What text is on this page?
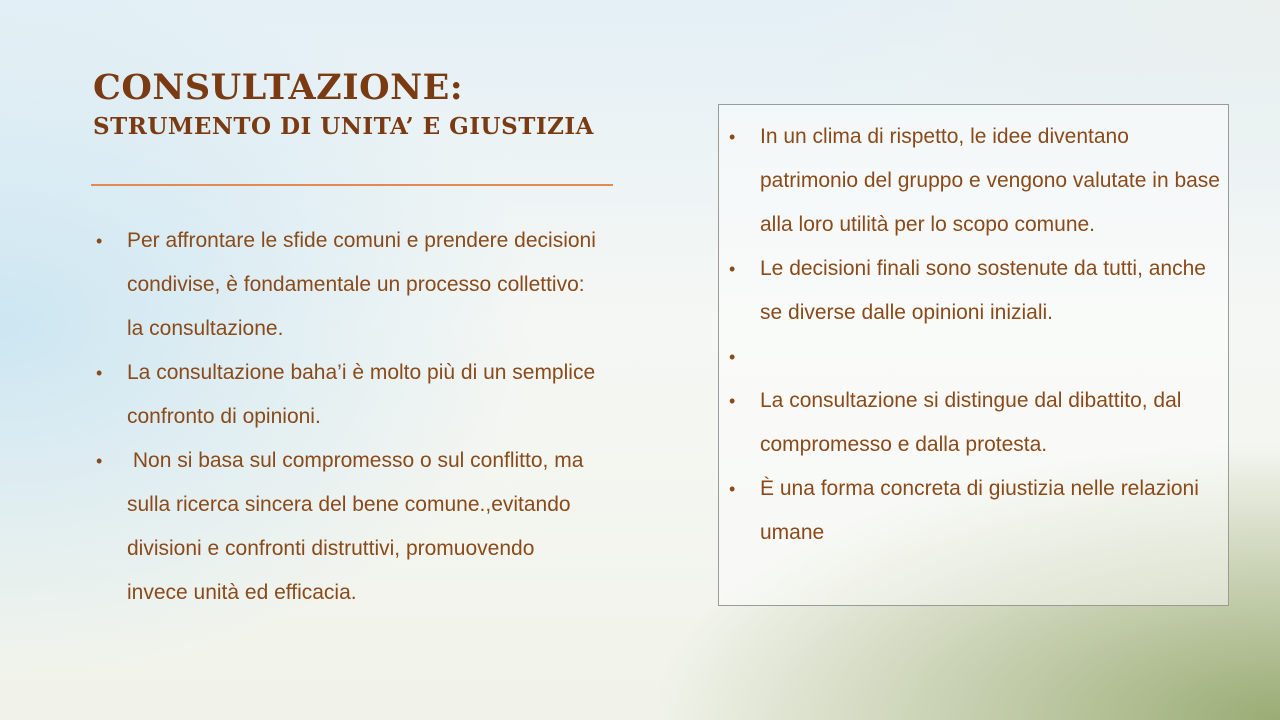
CONSULTAZIONE:
STRUMENTO DI UNITA’ E GIUSTIZIA
• Per affrontare le sfide comuni e prendere decisioni condivise, è fondamentale un processo collettivo: la consultazione.
• La consultazione baha’i è molto più di un semplice confronto di opinioni.
• Non si basa sul compromesso o sul conflitto, ma sulla ricerca sincera del bene comune.,evitando divisioni e confronti distruttivi, promuovendo invece unità ed efficacia.
• In un clima di rispetto, le idee diventano patrimonio del gruppo e vengono valutate in base alla loro utilità per lo scopo comune.
• Le decisioni finali sono sostenute da tutti, anche se diverse dalle opinioni iniziali.
•
• La consultazione si distingue dal dibattito, dal compromesso e dalla protesta.
• È una forma concreta di giustizia nelle relazioni umane
